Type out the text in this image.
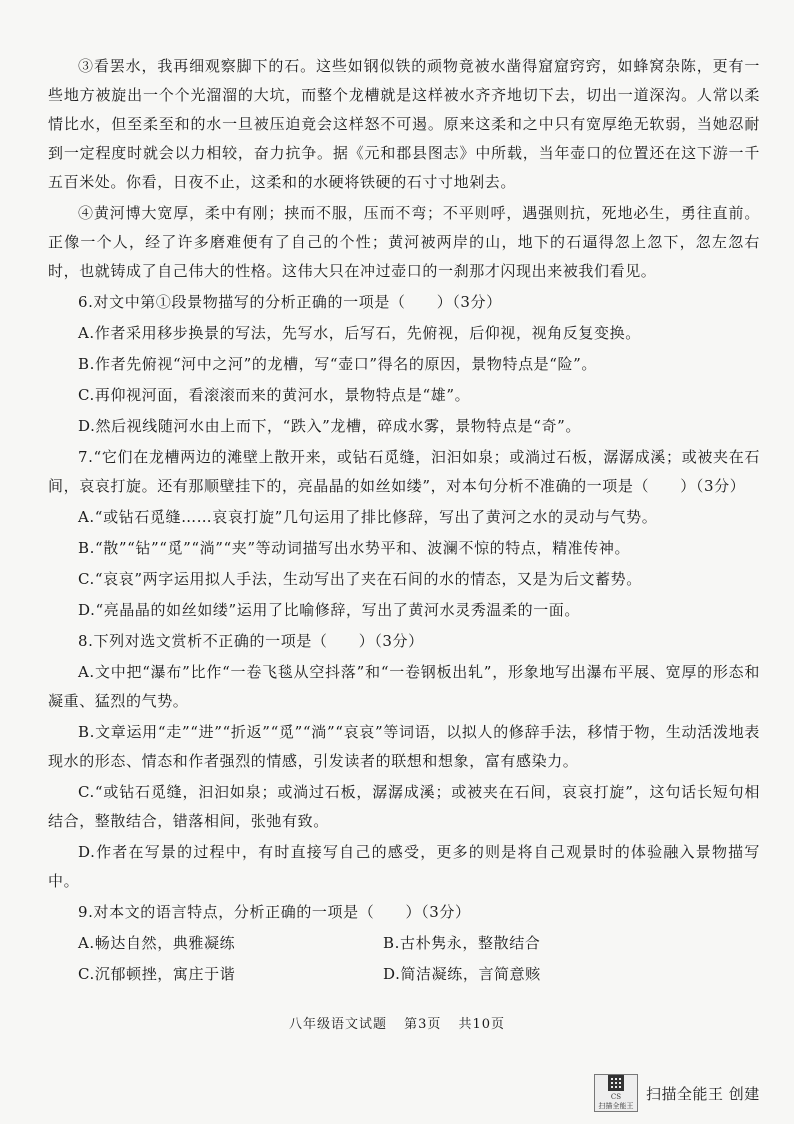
③看罢水，我再细观察脚下的石。这些如钢似铁的顽物竟被水凿得窟窟窍窍，如蜂窝杂陈，更有一些地方被旋出一个个光溜溜的大坑，而整个龙槽就是这样被水齐齐地切下去，切出一道深沟。人常以柔情比水，但至柔至和的水一旦被压迫竟会这样怒不可遏。原来这柔和之中只有宽厚绝无软弱，当她忍耐到一定程度时就会以力相较，奋力抗争。据《元和郡县图志》中所载，当年壶口的位置还在这下游一千五百米处。你看，日夜不止，这柔和的水硬将铁硬的石寸寸地剁去。

④黄河博大宽厚，柔中有刚；挟而不服，压而不弯；不平则呼，遇强则抗，死地必生，勇往直前。正像一个人，经了许多磨难便有了自己的个性；黄河被两岸的山，地下的石逼得忽上忽下，忽左忽右时，也就铸成了自己伟大的性格。这伟大只在冲过壶口的一刹那才闪现出来被我们看见。

6.对文中第①段景物描写的分析正确的一项是（　　）（3分）

A.作者采用移步换景的写法，先写水，后写石，先俯视，后仰视，视角反复变换。

B.作者先俯视“河中之河”的龙槽，写“壶口”得名的原因，景物特点是“险”。

C.再仰视河面，看滚滚而来的黄河水，景物特点是“雄”。

D.然后视线随河水由上而下，“跌入”龙槽，碎成水雾，景物特点是“奇”。

7.“它们在龙槽两边的滩壁上散开来，或钻石觅缝，汩汩如泉；或淌过石板，潺潺成溪；或被夹在石间，哀哀打旋。还有那顺壁挂下的，亮晶晶的如丝如缕”，对本句分析不准确的一项是（　　）（3分）

A.“或钻石觅缝……哀哀打旋”几句运用了排比修辞，写出了黄河之水的灵动与气势。

B.“散”“钻”“觅”“淌”“夹”等动词描写出水势平和、波澜不惊的特点，精准传神。

C.“哀哀”两字运用拟人手法，生动写出了夹在石间的水的情态，又是为后文蓄势。

D.“亮晶晶的如丝如缕”运用了比喻修辞，写出了黄河水灵秀温柔的一面。

8.下列对选文赏析不正确的一项是（　　）（3分）

A.文中把“瀑布”比作“一卷飞毯从空抖落”和“一卷钢板出轧”，形象地写出瀑布平展、宽厚的形态和凝重、猛烈的气势。

B.文章运用“走”“进”“折返”“觅”“淌”“哀哀”等词语，以拟人的修辞手法，移情于物，生动活泼地表现水的形态、情态和作者强烈的情感，引发读者的联想和想象，富有感染力。

C.“或钻石觅缝，汩汩如泉；或淌过石板，潺潺成溪；或被夹在石间，哀哀打旋”，这句话长短句相结合，整散结合，错落相间，张弛有致。

D.作者在写景的过程中，有时直接写自己的感受，更多的则是将自己观景时的体验融入景物描写中。

9.对本文的语言特点，分析正确的一项是（　　）（3分）

A.畅达自然，典雅凝练	B.古朴隽永，整散结合
C.沉郁顿挫，寓庄于谐	D.简洁凝练，言简意赅
八年级语文试题 第3页 共10页
CS
扫描全能王
扫描全能王 创建
